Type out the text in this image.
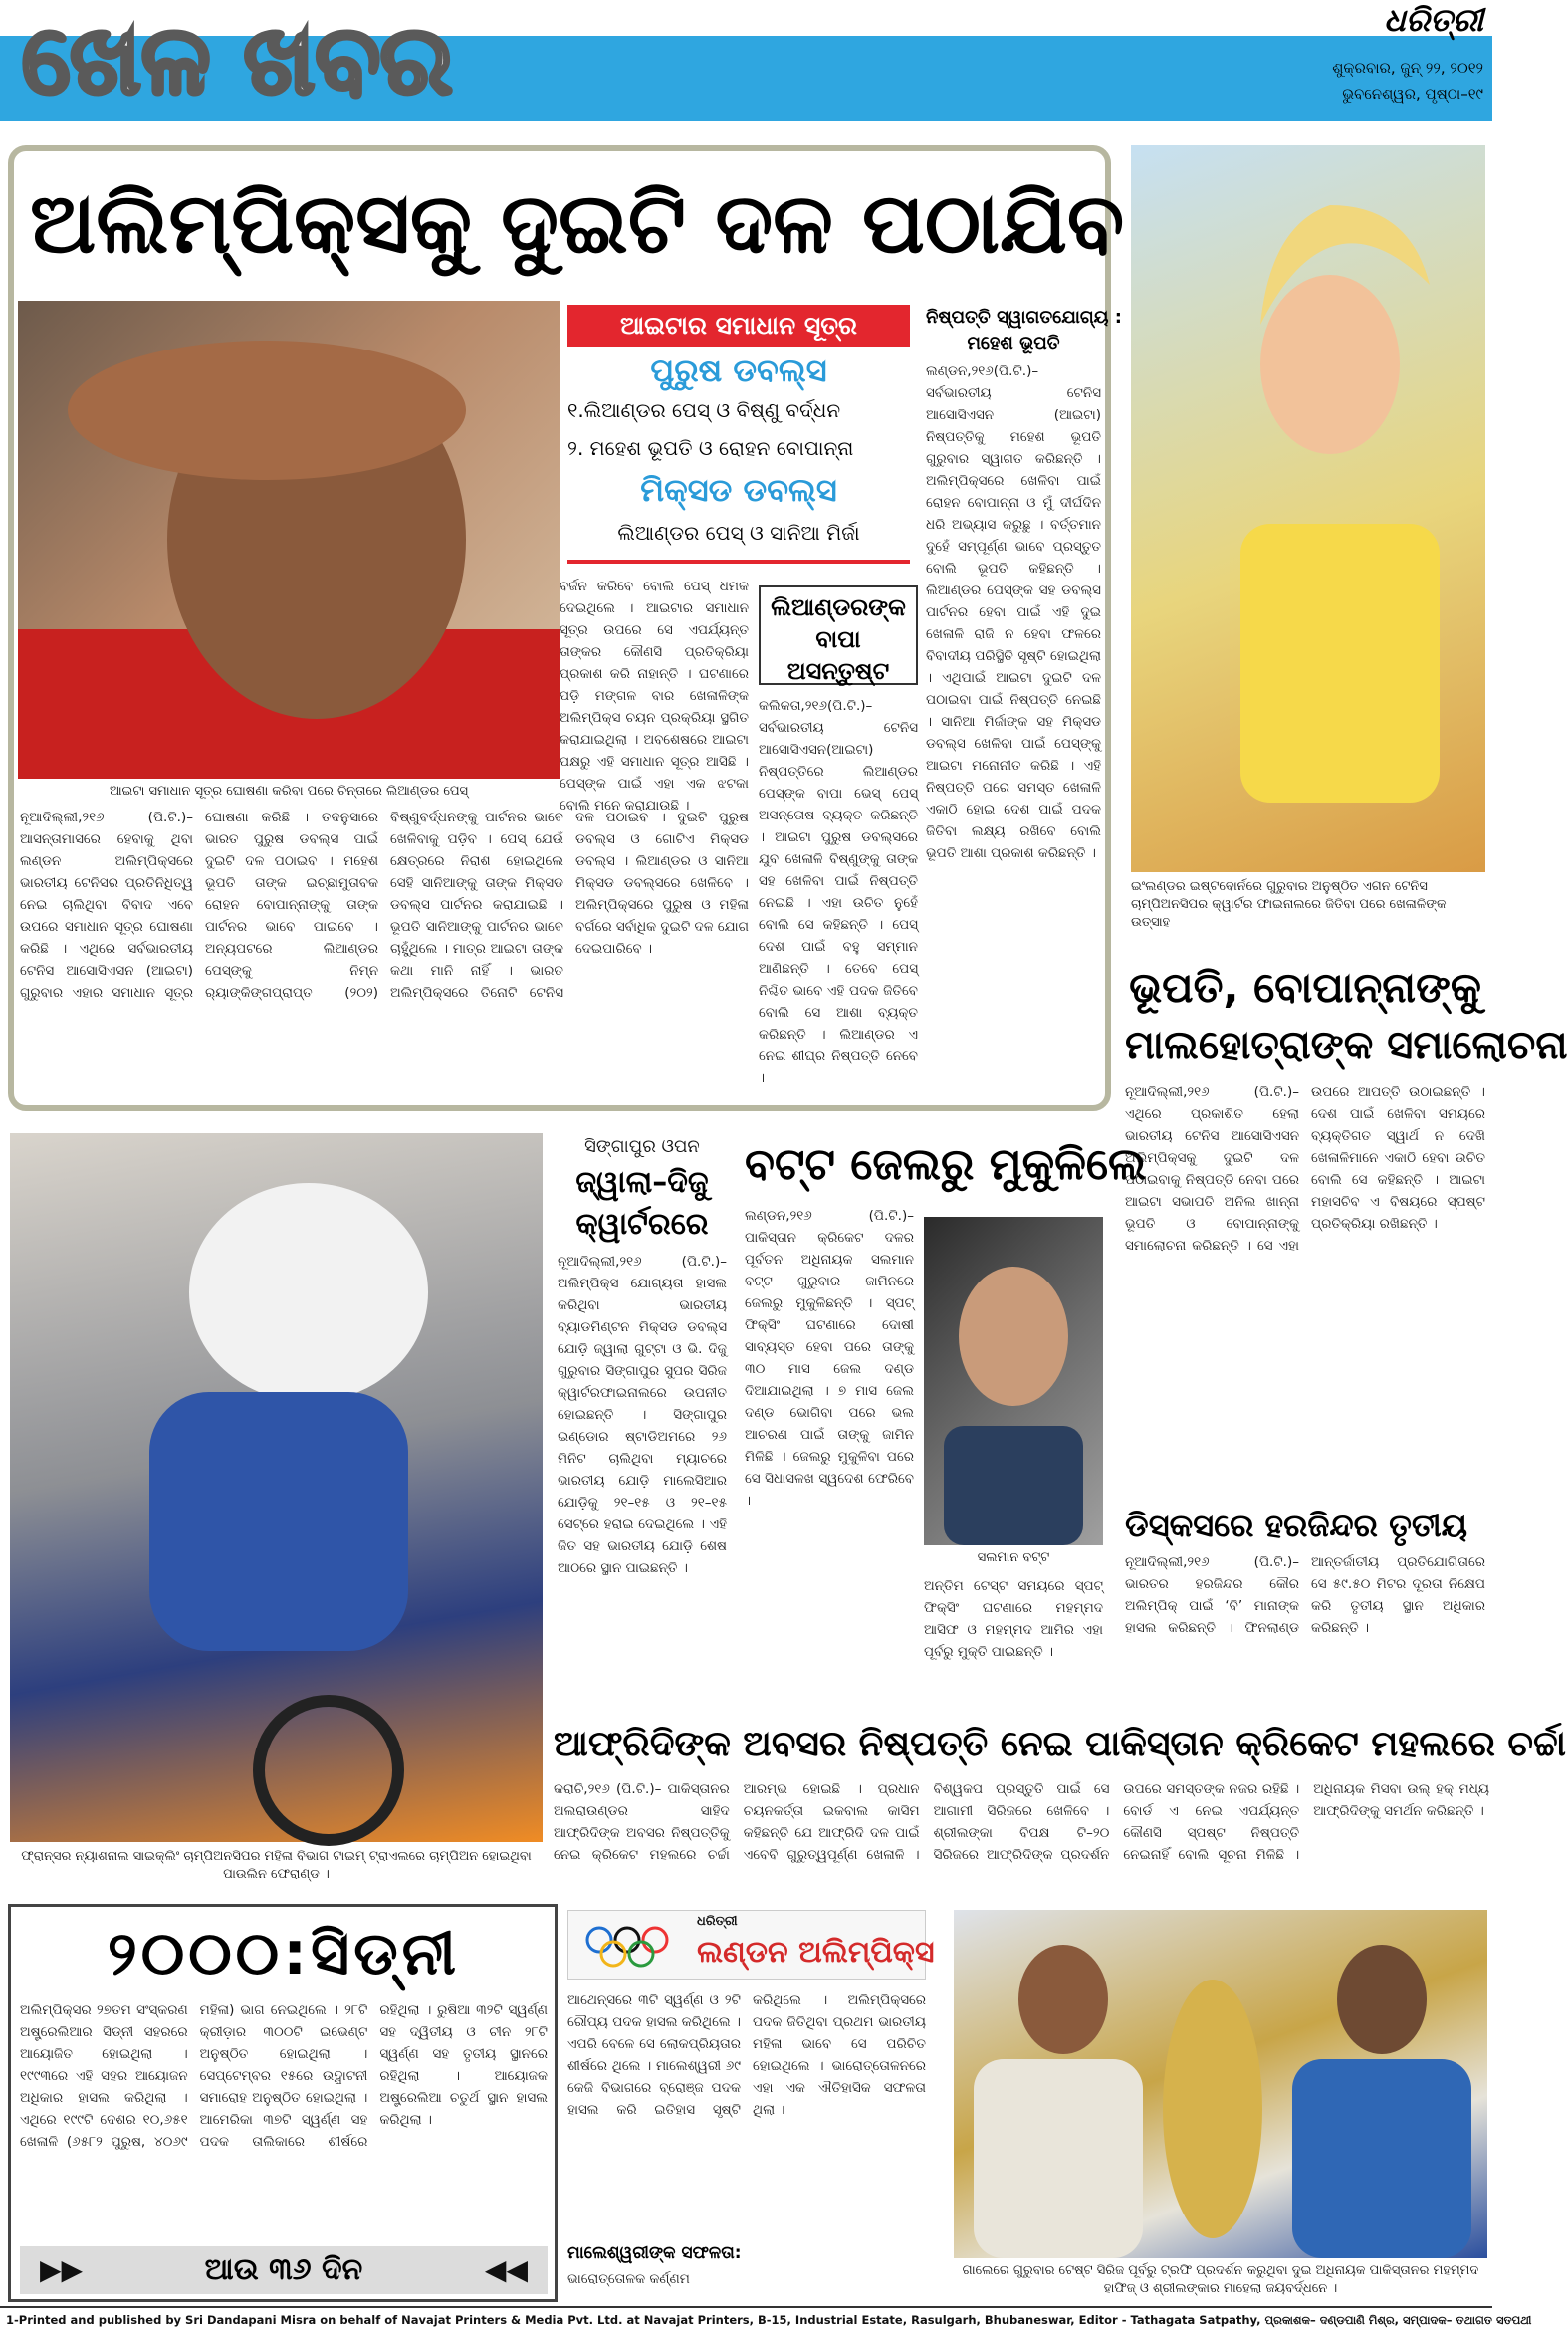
ଖେଳ ଖବର	ଧରିତ୍ରୀ
ଶୁକ୍ରବାର, ଜୁନ୍ ୨୨, ୨୦୧୨
ଭୁବନେଶ୍ୱର, ପୃଷ୍ଠା–୧୯
ଅଲିମ୍ପିକ୍ସକୁ ଦୁଇଟି ଦଳ ପଠାଯିବ
ଆଇଟା ସମାଧାନ ସୂତ୍ର ଘୋଷଣା କରିବା ପରେ ଚିନ୍ତାରେ ଲିଆଣ୍ଡର ପେସ୍
ଆଇଟାର ସମାଧାନ ସୂତ୍ର
ପୁରୁଷ ଡବଲ୍ସ
୧.ଲିଆଣ୍ଡର ପେସ୍ ଓ ବିଷ୍ଣୁ ବର୍ଦ୍ଧନ
୨. ମହେଶ ଭୂପତି ଓ ରୋହନ ବୋପାନ୍ନା
ମିକ୍ସଡ ଡବଲ୍ସ
ଲିଆଣ୍ଡର ପେସ୍ ଓ ସାନିଆ ମିର୍ଜା
ବର୍ଜନ କରିବେ ବୋଲି ପେସ୍ ଧମକ ଦେଇଥିଲେ । ଆଇଟାର ସମାଧାନ ସୂତ୍ର ଉପରେ ସେ ଏପର୍ଯ୍ୟନ୍ତ ତାଙ୍କର କୌଣସି ପ୍ରତିକ୍ରିୟା ପ୍ରକାଶ କରି ନାହାନ୍ତି । ଘଟଣାରେ ପଡ଼ି ମଙ୍ଗଳ ବାର ଖେଳାଳିଙ୍କ ଅଲିମ୍ପିକ୍ସ ଚୟନ ପ୍ରକ୍ରିୟା ସ୍ଥଗିତ କରାଯାଇଥିଲା । ଅବଶେଷରେ ଆଇଟା ପକ୍ଷରୁ ଏହି ସମାଧାନ ସୂତ୍ର ଆସିଛି । ପେସ୍ଙ୍କ ପାଇଁ ଏହା ଏକ ଝଟକା ବୋଲି ମନେ କରାଯାଉଛି ।
ଲିଆଣ୍ଡରଙ୍କ ବାପା ଅସନ୍ତୁଷ୍ଟ
କଲିକତା,୨୧୬(ପି.ଟି.)– ସର୍ବଭାରତୀୟ ଟେନିସ ଆସୋସିଏସନ(ଆଇଟା) ନିଷ୍ପତ୍ତିରେ ଲିଆଣ୍ଡର ପେସ୍ଙ୍କ ବାପା ଭେସ୍ ପେସ୍ ଅସନ୍ତୋଷ ବ୍ୟକ୍ତ କରିଛନ୍ତି । ଆଇଟା ପୁରୁଷ ଡବଲ୍ସରେ ଯୁବ ଖେଳାଳି ବିଷ୍ଣୁଙ୍କୁ ତାଙ୍କ ସହ ଖେଳିବା ପାଇଁ ନିଷ୍ପତ୍ତି ନେଇଛି । ଏହା ଉଚିତ ନୁହେଁ ବୋଲି ସେ କହିଛନ୍ତି । ପେସ୍ ଦେଶ ପାଇଁ ବହୁ ସମ୍ମାନ ଆଣିଛନ୍ତି । ତେବେ ପେସ୍ ନିଶ୍ଚିତ ଭାବେ ଏହି ପଦକ ଜିତିବେ ବୋଲି ସେ ଆଶା ବ୍ୟକ୍ତ କରିଛନ୍ତି । ଲିଆଣ୍ଡର ଏ ନେଇ ଶୀଘ୍ର ନିଷ୍ପତ୍ତି ନେବେ ।
ନୂଆଦିଲ୍ଲୀ,୨୧୬ (ପି.ଟି.)– ଆସନ୍ତାମାସରେ ହେବାକୁ ଥିବା ଲଣ୍ଡନ ଅଲିମ୍ପିକ୍ସରେ ଭାରତୀୟ ଟେନିସର ପ୍ରତିନିଧିତ୍ୱ ନେଇ ଚାଲିଥିବା ବିବାଦ ଏବେ ଉପରେ ସମାଧାନ ସୂତ୍ର ଘୋଷଣା କରିଛି । ଏଥିରେ ସର୍ବଭାରତୀୟ ଟେନିସ ଆସୋସିଏସନ (ଆଇଟା) ଗୁରୁବାର ଏହାର ସମାଧାନ ସୂତ୍ର ଘୋଷଣା କରିଛି । ତଦନୁସାରେ ଭାରତ ପୁରୁଷ ଡବଲ୍ସ ପାଇଁ ଦୁଇଟି ଦଳ ପଠାଇବ । ମହେଶ ଭୂପତି ତାଙ୍କ ଇଚ୍ଛାମୁତାବକ ରୋହନ ବୋପାନ୍ନାଙ୍କୁ ତାଙ୍କ ପାର୍ଟନର ଭାବେ ପାଇବେ । ଅନ୍ୟପଟରେ ଲିଆଣ୍ଡର ପେସ୍ଙ୍କୁ ନିମ୍ନ ର‌୍ୟାଙ୍କିଙ୍ଗପ୍ରାପ୍ତ (୨୦୨) ବିଷ୍ଣୁବର୍ଦ୍ଧନଙ୍କୁ ପାର୍ଟନର ଭାବେ ଖେଳିବାକୁ ପଡ଼ିବ । ପେସ୍ ଯେଉଁ କ୍ଷେତ୍ରରେ ନିରାଶ ହୋଇଥିଲେ ସେହି ସାନିଆଙ୍କୁ ତାଙ୍କ ମିକ୍ସଡ ଡବଲ୍ସ ପାର୍ଟନର କରାଯାଇଛି । ଭୂପତି ସାନିଆଙ୍କୁ ପାର୍ଟନର ଭାବେ ଚାହୁଁଥିଲେ । ମାତ୍ର ଆଇଟା ତାଙ୍କ କଥା ମାନି ନାହିଁ । ଭାରତ ଅଲିମ୍ପିକ୍ସରେ ତିନୋଟି ଟେନିସ ଦଳ ପଠାଇବ । ଦୁଇଟି ପୁରୁଷ ଡବଲ୍ସ ଓ ଗୋଟିଏ ମିକ୍ସଡ ଡବଲ୍ସ । ଲିଆଣ୍ଡର ଓ ସାନିଆ ମିକ୍ସଡ ଡବଲ୍ସରେ ଖେଳିବେ । ଅଲିମ୍ପିକ୍ସରେ ପୁରୁଷ ଓ ମହିଳା ବର୍ଗରେ ସର୍ବାଧିକ ଦୁଇଟି ଦଳ ଯୋଗ ଦେଇପାରିବେ ।
ନିଷ୍ପତ୍ତି ସ୍ୱାଗତଯୋଗ୍ୟ :
ମହେଶ ଭୂପତି
ଲଣ୍ଡନ,୨୧୬(ପି.ଟି.)– ସର୍ବଭାରତୀୟ ଟେନିସ ଆସୋସିଏସନ (ଆଇଟା) ନିଷ୍ପତ୍ତିକୁ ମହେଶ ଭୂପତି ଗୁରୁବାର ସ୍ୱାଗତ କରିଛନ୍ତି । ଅଲିମ୍ପିକ୍ସରେ ଖେଳିବା ପାଇଁ ରୋହନ ବୋପାନ୍ନା ଓ ମୁଁ ଦୀର୍ଘଦିନ ଧରି ଅଭ୍ୟାସ କରୁଛୁ । ବର୍ତ୍ତମାନ ଦୁହେଁ ସମ୍ପୂର୍ଣ୍ଣ ଭାବେ ପ୍ରସ୍ତୁତ ବୋଲି ଭୂପତି କହିଛନ୍ତି । ଲିଆଣ୍ଡର ପେସ୍ଙ୍କ ସହ ଡବଲ୍ସ ପାର୍ଟନର ହେବା ପାଇଁ ଏହି ଦୁଇ ଖେଳାଳି ରାଜି ନ ହେବା ଫଳରେ ବିବାଦୀୟ ପରିସ୍ଥିତି ସୃଷ୍ଟି ହୋଇଥିଲା । ଏଥିପାଇଁ ଆଇଟା ଦୁଇଟି ଦଳ ପଠାଇବା ପାଇଁ ନିଷ୍ପତ୍ତି ନେଇଛି । ସାନିଆ ମିର୍ଜାଙ୍କ ସହ ମିକ୍ସଡ ଡବଲ୍ସ ଖେଳିବା ପାଇଁ ପେସ୍ଙ୍କୁ ଆଇଟା ମନୋନୀତ କରିଛି । ଏହି ନିଷ୍ପତ୍ତି ପରେ ସମସ୍ତ ଖେଳାଳି ଏକାଠି ହୋଇ ଦେଶ ପାଇଁ ପଦକ ଜିତିବା ଲକ୍ଷ୍ୟ ରଖିବେ ବୋଲି ଭୂପତି ଆଶା ପ୍ରକାଶ କରିଛନ୍ତି ।
ଇଂଲଣ୍ଡର ଇଷ୍ଟବୋର୍ନରେ ଗୁରୁବାର ଅନୁଷ୍ଠିତ ଏଗନ ଟେନିସ ଚାମ୍ପିଅନସିପର କ୍ୱାର୍ଟର ଫାଇନାଲରେ ଜିତିବା ପରେ ଖେଳାଳିଙ୍କ ଉତ୍ସାହ
ଭୂପତି, ବୋପାନ୍ନାଙ୍କୁ
ମାଲହୋତ୍ରାଙ୍କ ସମାଲୋଚନା
ନୂଆଦିଲ୍ଲୀ,୨୧୬ (ପି.ଟି.)– ଏଥିରେ ପ୍ରକାଶିତ ହେଲା ଭାରତୀୟ ଟେନିସ ଆସୋସିଏସନ ଅଲିମ୍ପିକ୍ସକୁ ଦୁଇଟି ଦଳ ପଠାଇବାକୁ ନିଷ୍ପତ୍ତି ନେବା ପରେ ଆଇଟା ସଭାପତି ଅନିଲ ଖାନ୍ନା ଭୂପତି ଓ ବୋପାନ୍ନାଙ୍କୁ ସମାଲୋଚନା କରିଛନ୍ତି । ସେ ଏହା ଉପରେ ଆପତ୍ତି ଉଠାଇଛନ୍ତି । ଦେଶ ପାଇଁ ଖେଳିବା ସମୟରେ ବ୍ୟକ୍ତିଗତ ସ୍ୱାର୍ଥ ନ ଦେଖି ଖେଳାଳିମାନେ ଏକାଠି ହେବା ଉଚିତ ବୋଲି ସେ କହିଛନ୍ତି । ଆଇଟା ମହାସଚିବ ଏ ବିଷୟରେ ସ୍ପଷ୍ଟ ପ୍ରତିକ୍ରିୟା ରଖିଛନ୍ତି ।
ଡିସ୍କସରେ ହରଜିନ୍ଦର ତୃତୀୟ
ନୂଆଦିଲ୍ଲୀ,୨୧୬ (ପି.ଟି.)– ଭାରତର ହରଜିନ୍ଦର କୌର ଅଲିମ୍ପିକ୍ ପାଇଁ ‘ବି’ ମାନାଙ୍କ ହାସଲ କରିଛନ୍ତି । ଫିନଲାଣ୍ଡ ଆନ୍ତର୍ଜାତୀୟ ପ୍ରତିଯୋଗିତାରେ ସେ ୫୯.୫୦ ମିଟର ଦୂରତା ନିକ୍ଷେପ କରି ତୃତୀୟ ସ୍ଥାନ ଅଧିକାର କରିଛନ୍ତି ।
ଫ୍ରାନ୍ସର ନ୍ୟାଶନାଲ ସାଇକ୍ଲିଂ ଚାମ୍ପିଅନସିପର ମହିଳା ବିଭାଗ ଟାଇମ୍ ଟ୍ରାଏଲରେ ଚାମ୍ପିଅନ ହୋଇଥିବା ପାଉଲିନ ଫେରାଣ୍ଡ ।
ସିଙ୍ଗାପୁର ଓପନ
ଜ୍ୱାଲା–ଦିଜୁ
କ୍ୱାର୍ଟରରେ
ନୂଆଦିଲ୍ଲୀ,୨୧୬ (ପି.ଟି.)– ଅଲିମ୍ପିକ୍ସ ଯୋଗ୍ୟତା ହାସଲ କରିଥିବା ଭାରତୀୟ ବ୍ୟାଡମିଣ୍ଟନ ମିକ୍ସଡ ଡବଲ୍ସ ଯୋଡ଼ି ଜ୍ୱାଲା ଗୁଟ୍ଟା ଓ ଭି. ଦିଜୁ ଗୁରୁବାର ସିଙ୍ଗାପୁର ସୁପର ସିରିଜ କ୍ୱାର୍ଟରଫାଇନାଲରେ ଉପନୀତ ହୋଇଛନ୍ତି । ସିଙ୍ଗାପୁର ଇଣ୍ଡୋର ଷ୍ଟାଡିଅମରେ ୨୬ ମିନିଟ ଚାଲିଥିବା ମ୍ୟାଚରେ ଭାରତୀୟ ଯୋଡ଼ି ମାଲେସିଆର ଯୋଡ଼ିକୁ ୨୧–୧୫ ଓ ୨୧–୧୫ ସେଟ୍ରେ ହରାଇ ଦେଇଥିଲେ । ଏହି ଜିତ ସହ ଭାରତୀୟ ଯୋଡ଼ି ଶେଷ ଆଠରେ ସ୍ଥାନ ପାଇଛନ୍ତି ।
ବଟ୍ଟ ଜେଲରୁ ମୁକୁଳିଲେ
ଲଣ୍ଡନ,୨୧୬ (ପି.ଟି.)– ପାକିସ୍ତାନ କ୍ରିକେଟ ଦଳର ପୂର୍ବତନ ଅଧିନାୟକ ସଲମାନ ବଟ୍ଟ ଗୁରୁବାର ଜାମିନରେ ଜେଲରୁ ମୁକୁଳିଛନ୍ତି । ସ୍ପଟ୍ ଫିକ୍ସିଂ ଘଟଣାରେ ଦୋଷୀ ସାବ୍ୟସ୍ତ ହେବା ପରେ ତାଙ୍କୁ ୩୦ ମାସ ଜେଲ ଦଣ୍ଡ ଦିଆଯାଇଥିଲା । ୭ ମାସ ଜେଲ ଦଣ୍ଡ ଭୋଗିବା ପରେ ଭଲ ଆଚରଣ ପାଇଁ ତାଙ୍କୁ ଜାମିନ ମିଳିଛି । ଜେଲରୁ ମୁକୁଳିବା ପରେ ସେ ସିଧାସଳଖ ସ୍ୱଦେଶ ଫେରିବେ ।
ସଲମାନ ବଟ୍ଟ
ଅନ୍ତିମ ଟେସ୍ଟ ସମୟରେ ସ୍ପଟ୍ ଫିକ୍ସିଂ ଘଟଣାରେ ମହମ୍ମଦ ଆସିଫ ଓ ମହମ୍ମଦ ଆମିର ଏହା ପୂର୍ବରୁ ମୁକ୍ତି ପାଇଛନ୍ତି ।
ଆଫ୍ରିଦିଙ୍କ ଅବସର ନିଷ୍ପତ୍ତି ନେଇ ପାକିସ୍ତାନ କ୍ରିକେଟ ମହଲରେ ଚର୍ଚ୍ଚା
କରାଚି,୨୧୬ (ପି.ଟି.)– ପାକିସ୍ତାନର ଅଲରାଉଣ୍ଡର ସାହିଦ ଆଫ୍ରିଦିଙ୍କ ଅବସର ନିଷ୍ପତ୍ତିକୁ ନେଇ କ୍ରିକେଟ ମହଲରେ ଚର୍ଚ୍ଚା ଆରମ୍ଭ ହୋଇଛି । ପ୍ରଧାନ ଚୟନକର୍ତ୍ତା ଇକବାଲ କାସିମ କହିଛନ୍ତି ଯେ ଆଫ୍ରିଦି ଦଳ ପାଇଁ ଏବେବି ଗୁରୁତ୍ୱପୂର୍ଣ୍ଣ ଖେଳାଳି । ବିଶ୍ୱକପ ପ୍ରସ୍ତୁତି ପାଇଁ ସେ ଆଗାମୀ ସିରିଜରେ ଖେଳିବେ । ଶ୍ରୀଲଙ୍କା ବିପକ୍ଷ ଟି–୨୦ ସିରିଜରେ ଆଫ୍ରିଦିଙ୍କ ପ୍ରଦର୍ଶନ ଉପରେ ସମସ୍ତଙ୍କ ନଜର ରହିଛି । ବୋର୍ଡ ଏ ନେଇ ଏପର୍ଯ୍ୟନ୍ତ କୌଣସି ସ୍ପଷ୍ଟ ନିଷ୍ପତ୍ତି ନେଇନାହିଁ ବୋଲି ସୂଚନା ମିଳିଛି । ଅଧିନାୟକ ମିସବା ଉଲ୍ ହକ୍ ମଧ୍ୟ ଆଫ୍ରିଦିଙ୍କୁ ସମର୍ଥନ କରିଛନ୍ତି ।
୨୦୦୦:ସିଡ୍ନୀ
ଅଲିମ୍ପିକ୍ସର ୨୭ତମ ସଂସ୍କରଣ ଅଷ୍ଟ୍ରେଲିଆର ସିଡ୍ନୀ ସହରରେ ଆୟୋଜିତ ହୋଇଥିଲା । ୧୯୯୩ରେ ଏହି ସହର ଆୟୋଜନ ଅଧିକାର ହାସଲ କରିଥିଲା । ଏଥିରେ ୧୯୯ଟି ଦେଶର ୧୦,୬୫୧ ଖେଳାଳି (୬୫୮୨ ପୁରୁଷ, ୪୦୬୯ ମହିଳା) ଭାଗ ନେଇଥିଲେ । ୨୮ଟି କ୍ରୀଡ଼ାର ୩୦୦ଟି ଇଭେଣ୍ଟ ଅନୁଷ୍ଠିତ ହୋଇଥିଲା । ସେପ୍ଟେମ୍ବର ୧୫ରେ ଉଦ୍ଘାଟନୀ ସମାରୋହ ଅନୁଷ୍ଠିତ ହୋଇଥିଲା । ଆମେରିକା ୩୭ଟି ସ୍ୱର୍ଣ୍ଣ ସହ ପଦକ ତାଲିକାରେ ଶୀର୍ଷରେ ରହିଥିଲା । ରୁଷିଆ ୩୨ଟି ସ୍ୱର୍ଣ୍ଣ ସହ ଦ୍ୱିତୀୟ ଓ ଚୀନ ୨୮ଟି ସ୍ୱର୍ଣ୍ଣ ସହ ତୃତୀୟ ସ୍ଥାନରେ ରହିଥିଲା । ଆୟୋଜକ ଅଷ୍ଟ୍ରେଲିଆ ଚତୁର୍ଥ ସ୍ଥାନ ହାସଲ କରିଥିଲା ।
▶▶	ଆଉ ୩୬ ଦିନ	◀◀
ଧରିତ୍ରୀ
ଲଣ୍ଡନ ଅଲିମ୍ପିକ୍ସ
ଆଥେନ୍ସରେ ୩ଟି ସ୍ୱର୍ଣ୍ଣ ଓ ୨ଟି ରୌପ୍ୟ ପଦକ ହାସଲ କରିଥିଲେ । ଏପରି ବେଳେ ସେ ଲୋକପ୍ରିୟତାର ଶୀର୍ଷରେ ଥିଲେ । ମାଲେଶ୍ୱରୀ ୬୯ କେଜି ବିଭାଗରେ ବ୍ରୋଞ୍ଜ ପଦକ ହାସଲ କରି ଇତିହାସ ସୃଷ୍ଟି କରିଥିଲେ । ଅଲିମ୍ପିକ୍ସରେ ପଦକ ଜିତିଥିବା ପ୍ରଥମ ଭାରତୀୟ ମହିଳା ଭାବେ ସେ ପରିଚିତ ହୋଇଥିଲେ । ଭାରୋତ୍ତୋଳନରେ ଏହା ଏକ ଐତିହାସିକ ସଫଳତା ଥିଲା ।
ମାଲେଶ୍ୱରୀଙ୍କ ସଫଳତା:
ଭାରୋତ୍ତୋଳକ କର୍ଣ୍ଣମ
ଗାଲେରେ ଗୁରୁବାର ଟେଷ୍ଟ ସିରିଜ ପୂର୍ବରୁ ଟ୍ରଫି ପ୍ରଦର୍ଶନ କରୁଥିବା ଦୁଇ ଅଧିନାୟକ ପାକିସ୍ତାନର ମହମ୍ମଦ ହାଫିଜ୍ ଓ ଶ୍ରୀଲଙ୍କାର ମାହେଲା ଜୟବର୍ଦ୍ଧନେ ।
1-Printed and published by Sri Dandapani Misra on behalf of Navajat Printers & Media Pvt. Ltd. at Navajat Printers, B-15, Industrial Estate, Rasulgarh, Bhubaneswar, Editor - Tathagata Satpathy, ପ୍ରକାଶକ– ଦଣ୍ଡପାଣି ମିଶ୍ର, ସମ୍ପାଦକ– ତଥାଗତ ସତପଥୀ
